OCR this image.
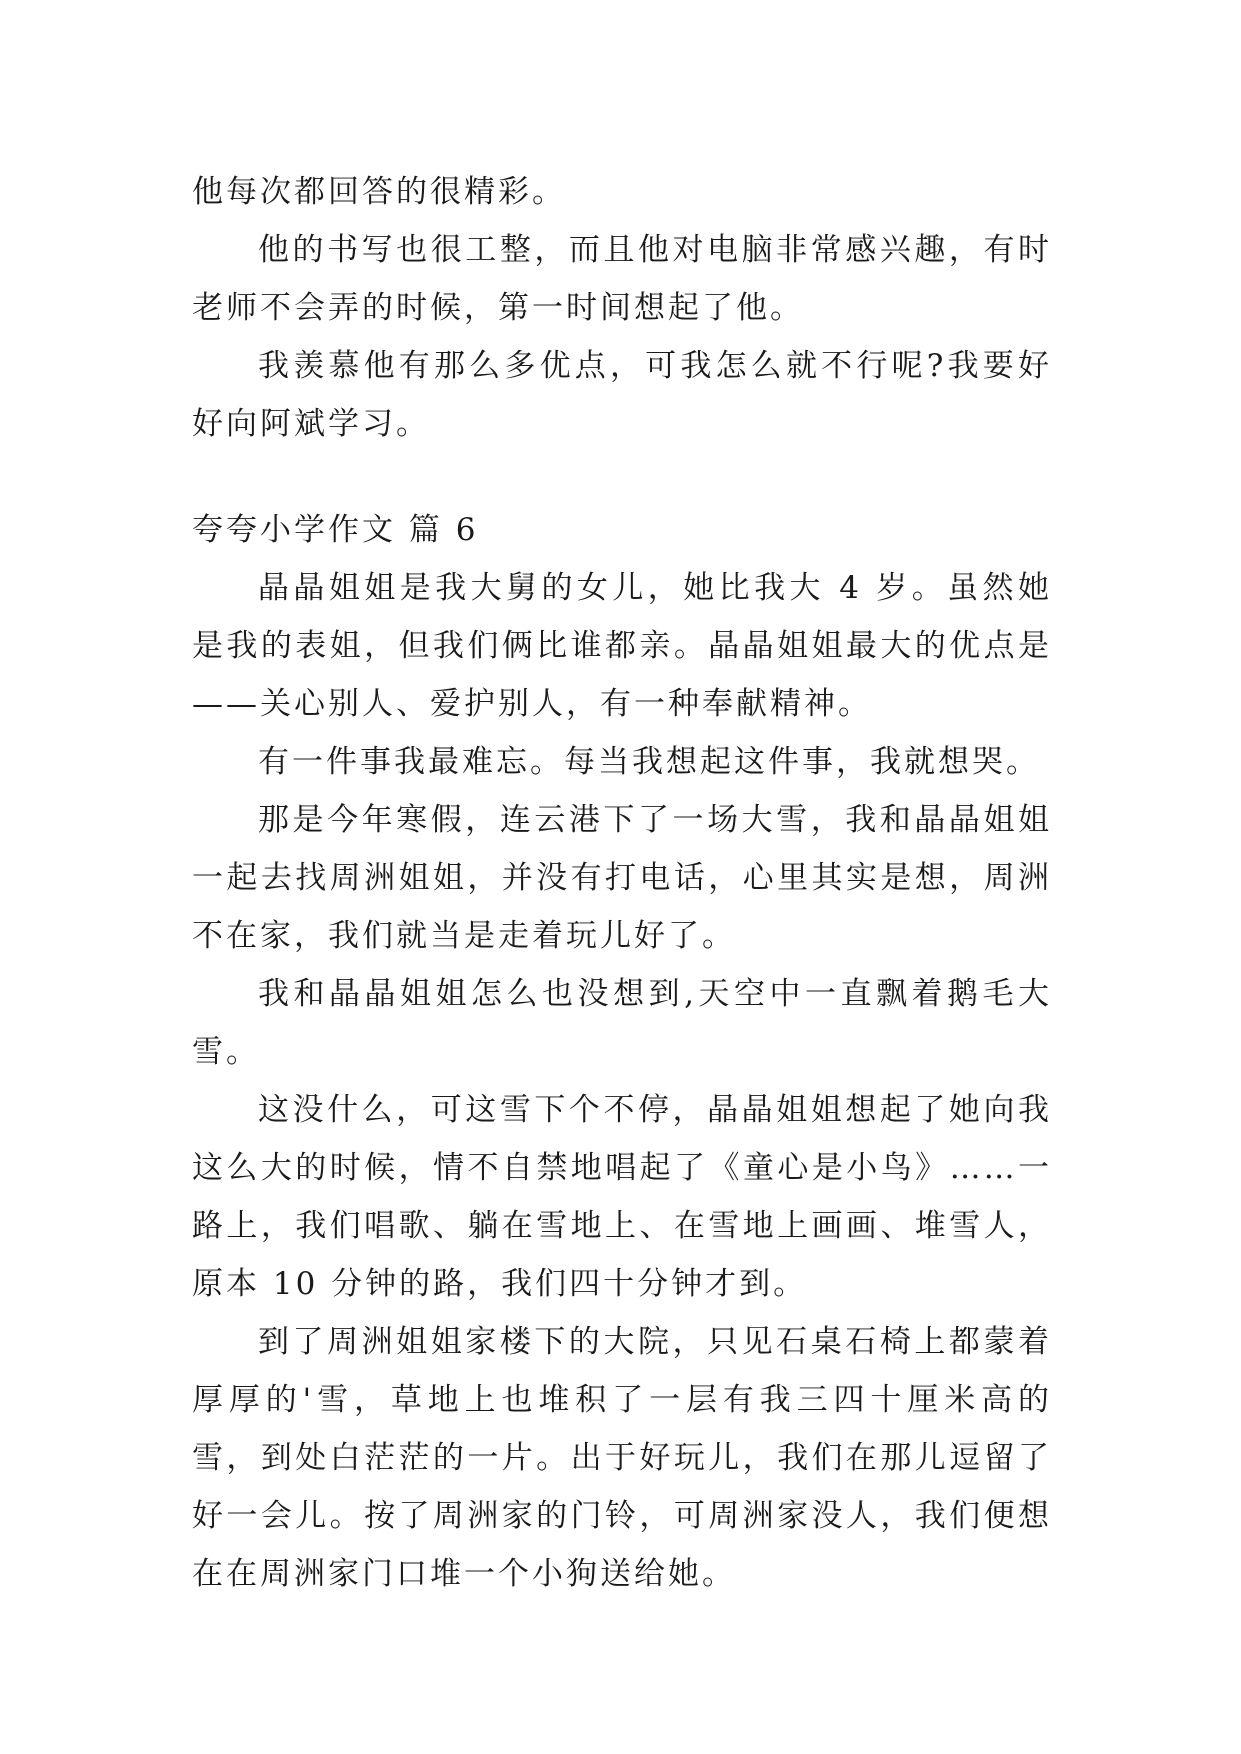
他每次都回答的很精彩。

他的书写也很工整，而且他对电脑非常感兴趣，有时老师不会弄的时候，第一时间想起了他。

我羡慕他有那么多优点，可我怎么就不行呢?我要好好向阿斌学习。

夸夸小学作文 篇 6

晶晶姐姐是我大舅的女儿，她比我大 4 岁。虽然她是我的表姐，但我们俩比谁都亲。晶晶姐姐最大的优点是——关心别人、爱护别人，有一种奉献精神。

有一件事我最难忘。每当我想起这件事，我就想哭。

那是今年寒假，连云港下了一场大雪，我和晶晶姐姐一起去找周洲姐姐，并没有打电话，心里其实是想，周洲不在家，我们就当是走着玩儿好了。

我和晶晶姐姐怎么也没想到,天空中一直飘着鹅毛大雪。

这没什么，可这雪下个不停，晶晶姐姐想起了她向我这么大的时候，情不自禁地唱起了《童心是小鸟》……一路上，我们唱歌、躺在雪地上、在雪地上画画、堆雪人，原本 10 分钟的路，我们四十分钟才到。

到了周洲姐姐家楼下的大院，只见石桌石椅上都蒙着厚厚的'雪，草地上也堆积了一层有我三四十厘米高的雪，到处白茫茫的一片。出于好玩儿，我们在那儿逗留了好一会儿。按了周洲家的门铃，可周洲家没人，我们便想在在周洲家门口堆一个小狗送给她。
